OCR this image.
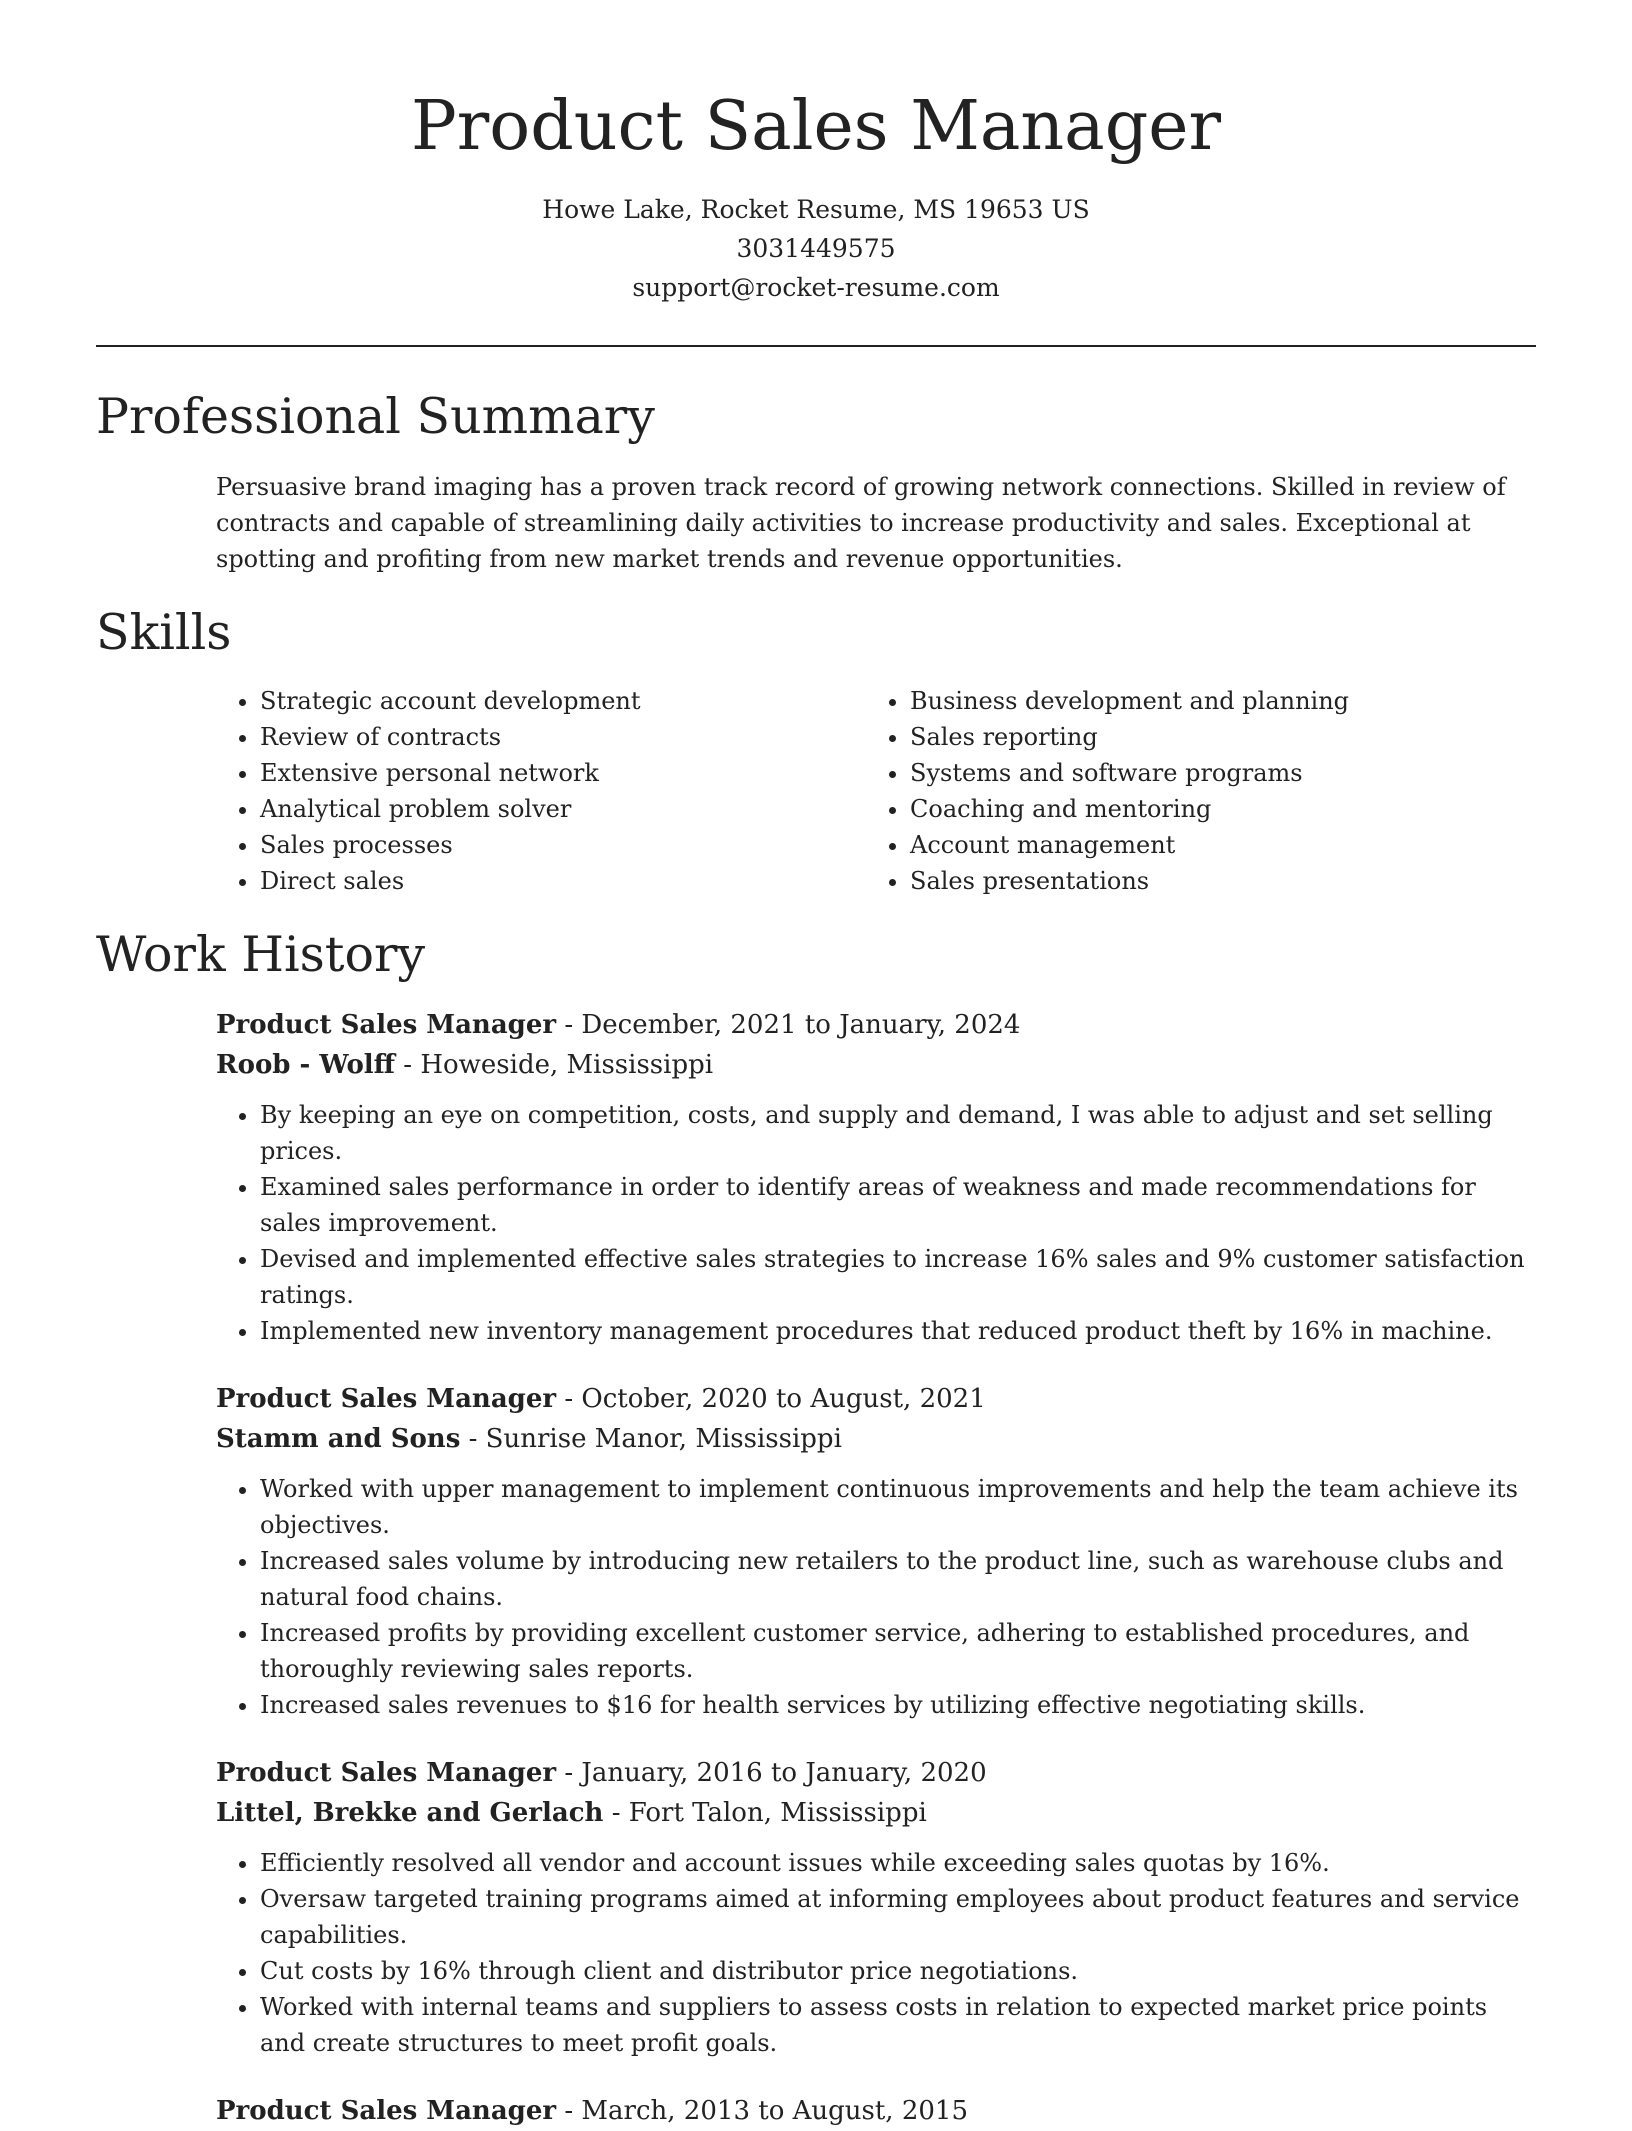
Product Sales Manager
Howe Lake, Rocket Resume, MS 19653 US
3031449575
support@rocket-resume.com
Professional Summary

Persuasive brand imaging has a proven track record of growing network connections. Skilled in review of contracts and capable of streamlining daily activities to increase productivity and sales. Exceptional at spotting and profiting from new market trends and revenue opportunities.

Skills
• Strategic account development
• Review of contracts
• Extensive personal network
• Analytical problem solver
• Sales processes
• Direct sales
• Business development and planning
• Sales reporting
• Systems and software programs
• Coaching and mentoring
• Account management
• Sales presentations
Work History
Product Sales Manager - December, 2021 to January, 2024
Roob - Wolff - Howeside, Mississippi
• By keeping an eye on competition, costs, and supply and demand, I was able to adjust and set selling prices.
• Examined sales performance in order to identify areas of weakness and made recommendations for sales improvement.
• Devised and implemented effective sales strategies to increase 16% sales and 9% customer satisfaction ratings.
• Implemented new inventory management procedures that reduced product theft by 16% in machine.
Product Sales Manager - October, 2020 to August, 2021
Stamm and Sons - Sunrise Manor, Mississippi
• Worked with upper management to implement continuous improvements and help the team achieve its objectives.
• Increased sales volume by introducing new retailers to the product line, such as warehouse clubs and natural food chains.
• Increased profits by providing excellent customer service, adhering to established procedures, and thoroughly reviewing sales reports.
• Increased sales revenues to $16 for health services by utilizing effective negotiating skills.
Product Sales Manager - January, 2016 to January, 2020
Littel, Brekke and Gerlach - Fort Talon, Mississippi
• Efficiently resolved all vendor and account issues while exceeding sales quotas by 16%.
• Oversaw targeted training programs aimed at informing employees about product features and service capabilities.
• Cut costs by 16% through client and distributor price negotiations.
• Worked with internal teams and suppliers to assess costs in relation to expected market price points and create structures to meet profit goals.
Product Sales Manager - March, 2013 to August, 2015
